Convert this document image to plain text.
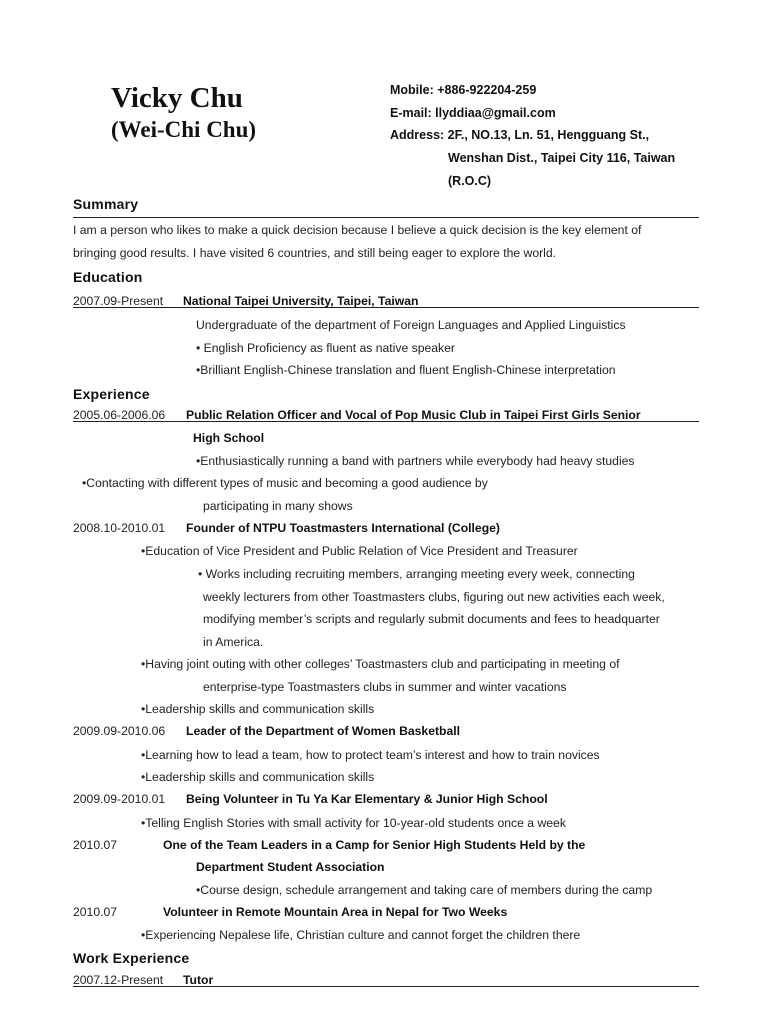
Vicky Chu
(Wei-Chi Chu)
Mobile: +886-922204-259
E-mail: llyddiaa@gmail.com
Address: 2F., NO.13, Ln. 51, Hengguang St.,
Wenshan Dist., Taipei City 116, Taiwan
(R.O.C)
Summary
I am a person who likes to make a quick decision because I believe a quick decision is the key element of
bringing good results. I have visited 6 countries, and still being eager to explore the world.
Education
2007.09-Present National Taipei University, Taipei, Taiwan
Undergraduate of the department of Foreign Languages and Applied Linguistics
• English Proficiency as fluent as native speaker
•Brilliant English-Chinese translation and fluent English-Chinese interpretation
Experience
2005.06-2006.06 Public Relation Officer and Vocal of Pop Music Club in Taipei First Girls Senior
High School
•Enthusiastically running a band with partners while everybody had heavy studies
•Contacting with different types of music and becoming a good audience by
participating in many shows
2008.10-2010.01 Founder of NTPU Toastmasters International (College)
•Education of Vice President and Public Relation of Vice President and Treasurer
• Works including recruiting members, arranging meeting every week, connecting
weekly lecturers from other Toastmasters clubs, figuring out new activities each week,
modifying member’s scripts and regularly submit documents and fees to headquarter
in America.
•Having joint outing with other colleges’ Toastmasters club and participating in meeting of
enterprise-type Toastmasters clubs in summer and winter vacations
•Leadership skills and communication skills
2009.09-2010.06 Leader of the Department of Women Basketball
•Learning how to lead a team, how to protect team’s interest and how to train novices
•Leadership skills and communication skills
2009.09-2010.01 Being Volunteer in Tu Ya Kar Elementary & Junior High School
•Telling English Stories with small activity for 10-year-old students once a week
2010.07	One of the Team Leaders in a Camp for Senior High Students Held by the
Department Student Association
•Course design, schedule arrangement and taking care of members during the camp
2010.07	Volunteer in Remote Mountain Area in Nepal for Two Weeks
•Experiencing Nepalese life, Christian culture and cannot forget the children there
Work Experience
2007.12-Present Tutor
